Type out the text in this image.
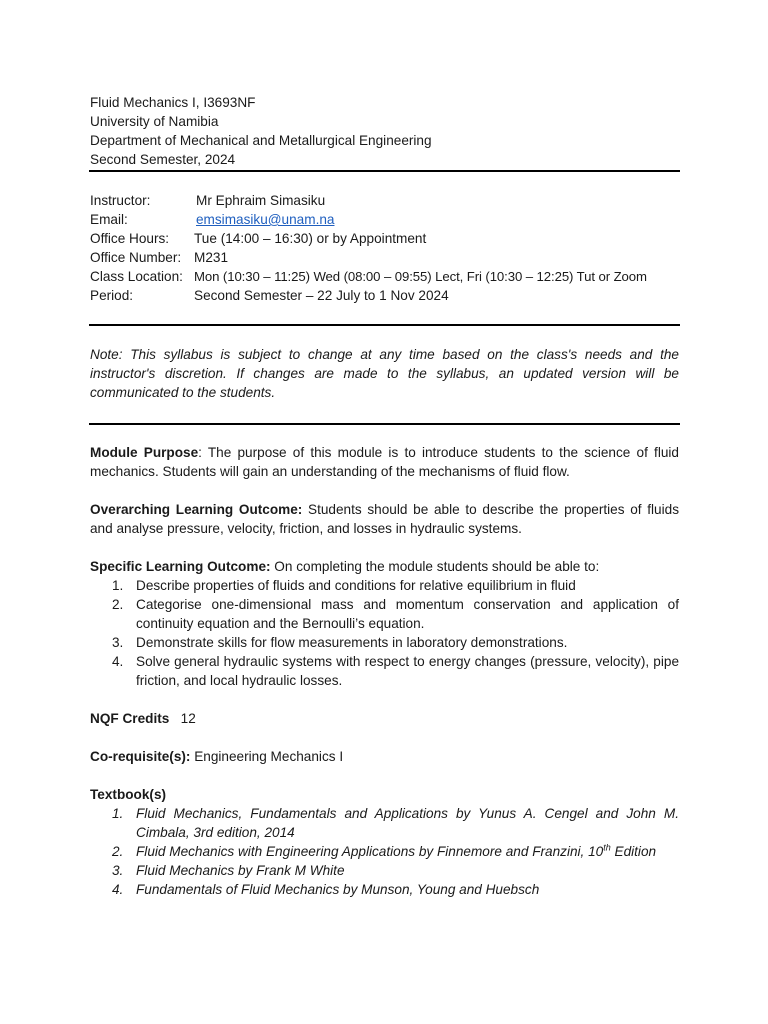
Fluid Mechanics I, I3693NF
University of Namibia
Department of Mechanical and Metallurgical Engineering
Second Semester, 2024
Instructor:	Mr Ephraim Simasiku
Email:	emsimasiku@unam.na
Office Hours:	Tue (14:00 – 16:30) or by Appointment
Office Number: M231
Class Location: Mon (10:30 – 11:25) Wed (08:00 – 09:55) Lect, Fri (10:30 – 12:25) Tut or Zoom
Period:	Second Semester – 22 July to 1 Nov 2024
Note: This syllabus is subject to change at any time based on the class's needs and the instructor's discretion. If changes are made to the syllabus, an updated version will be communicated to the students.

Module Purpose: The purpose of this module is to introduce students to the science of fluid mechanics. Students will gain an understanding of the mechanisms of fluid flow.

Overarching Learning Outcome: Students should be able to describe the properties of fluids and analyse pressure, velocity, friction, and losses in hydraulic systems.

Specific Learning Outcome: On completing the module students should be able to:

1. Describe properties of fluids and conditions for relative equilibrium in fluid
2. Categorise one-dimensional mass and momentum conservation and application of continuity equation and the Bernoulli’s equation.
3. Demonstrate skills for flow measurements in laboratory demonstrations.
4. Solve general hydraulic systems with respect to energy changes (pressure, velocity), pipe friction, and local hydraulic losses.

NQF Credits 12

Co-requisite(s): Engineering Mechanics I

Textbook(s)

1. Fluid Mechanics, Fundamentals and Applications by Yunus A. Cengel and John M. Cimbala, 3rd edition, 2014
2. Fluid Mechanics with Engineering Applications by Finnemore and Franzini, 10th Edition
3. Fluid Mechanics by Frank M White
4. Fundamentals of Fluid Mechanics by Munson, Young and Huebsch
